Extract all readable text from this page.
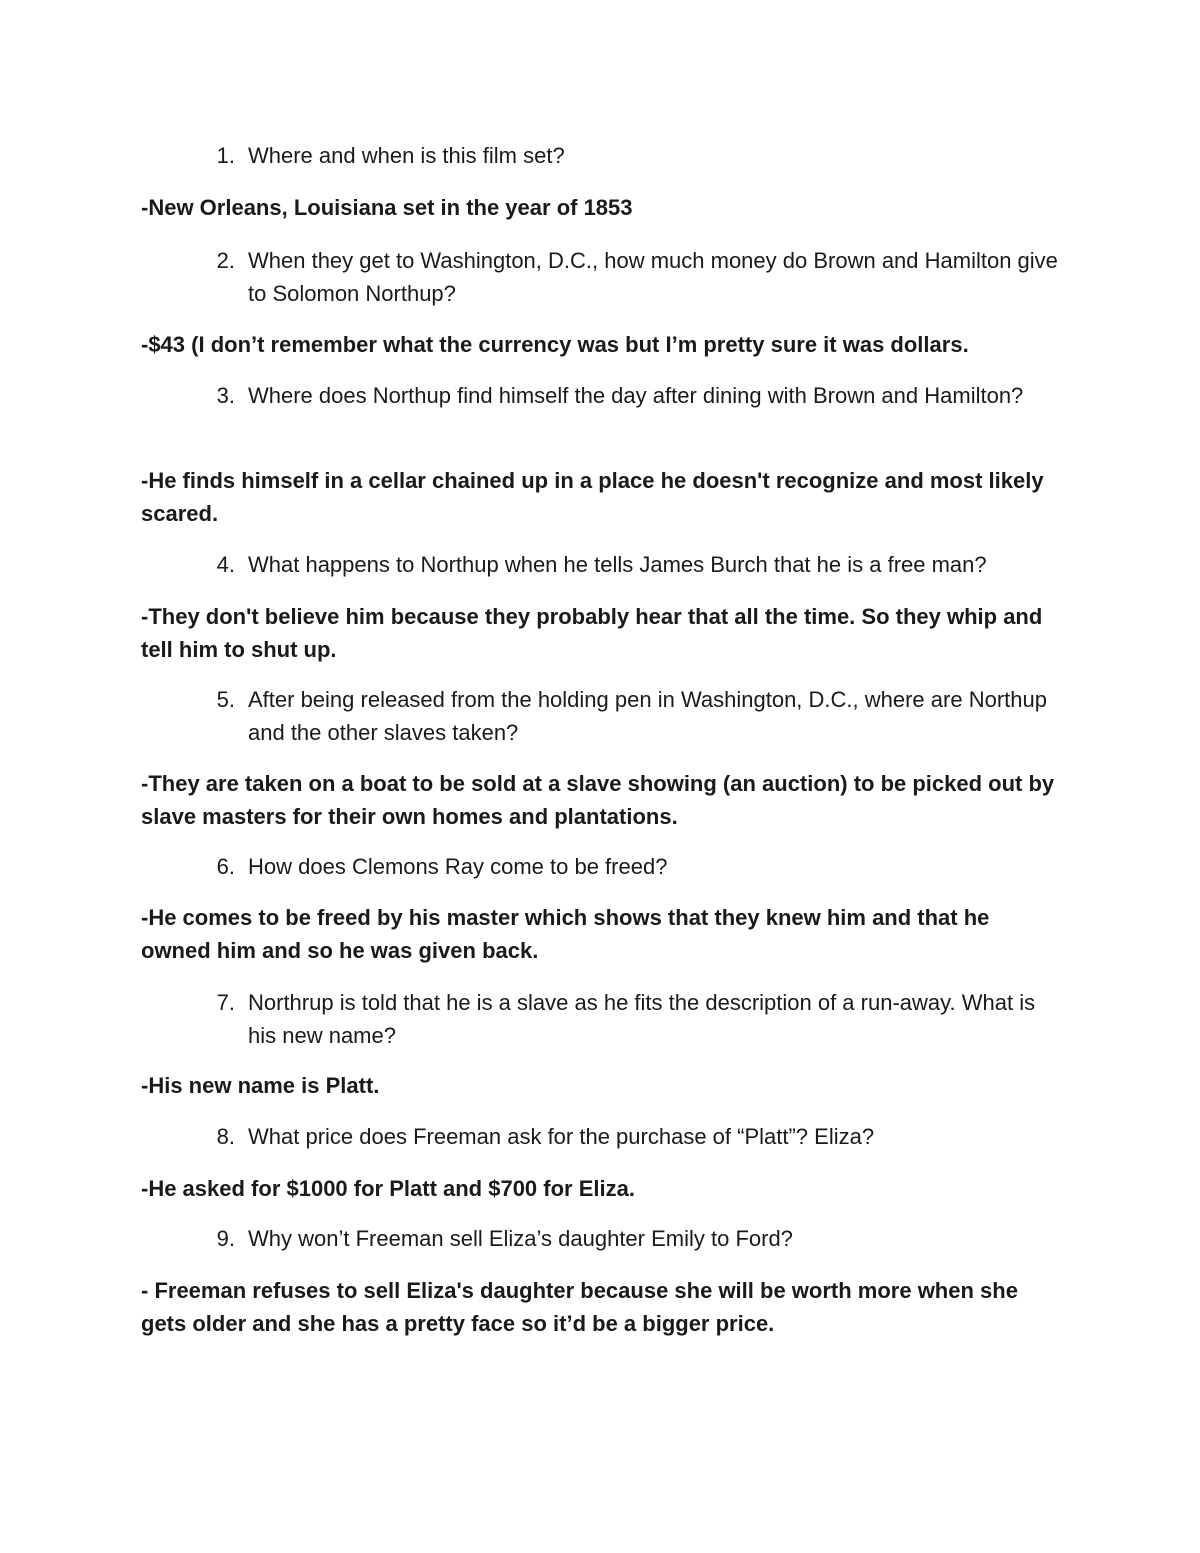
1. Where and when is this film set?
-New Orleans, Louisiana set in the year of 1853
2. When they get to Washington, D.C., how much money do Brown and Hamilton give to Solomon Northup?
-$43 (I don’t remember what the currency was but I’m pretty sure it was dollars.
3. Where does Northup find himself the day after dining with Brown and Hamilton?
-He finds himself in a cellar chained up in a place he doesn't recognize and most likely scared.
4. What happens to Northup when he tells James Burch that he is a free man?
-They don't believe him because they probably hear that all the time. So they whip and tell him to shut up.
5. After being released from the holding pen in Washington, D.C., where are Northup and the other slaves taken?
-They are taken on a boat to be sold at a slave showing (an auction) to be picked out by slave masters for their own homes and plantations.
6. How does Clemons Ray come to be freed?
-He comes to be freed by his master which shows that they knew him and that he owned him and so he was given back.
7. Northrup is told that he is a slave as he fits the description of a run-away. What is his new name?
-His new name is Platt.
8. What price does Freeman ask for the purchase of “Platt”? Eliza?
-He asked for $1000 for Platt and $700 for Eliza.
9. Why won’t Freeman sell Eliza’s daughter Emily to Ford?
- Freeman refuses to sell Eliza's daughter because she will be worth more when she gets older and she has a pretty face so it’d be a bigger price.
